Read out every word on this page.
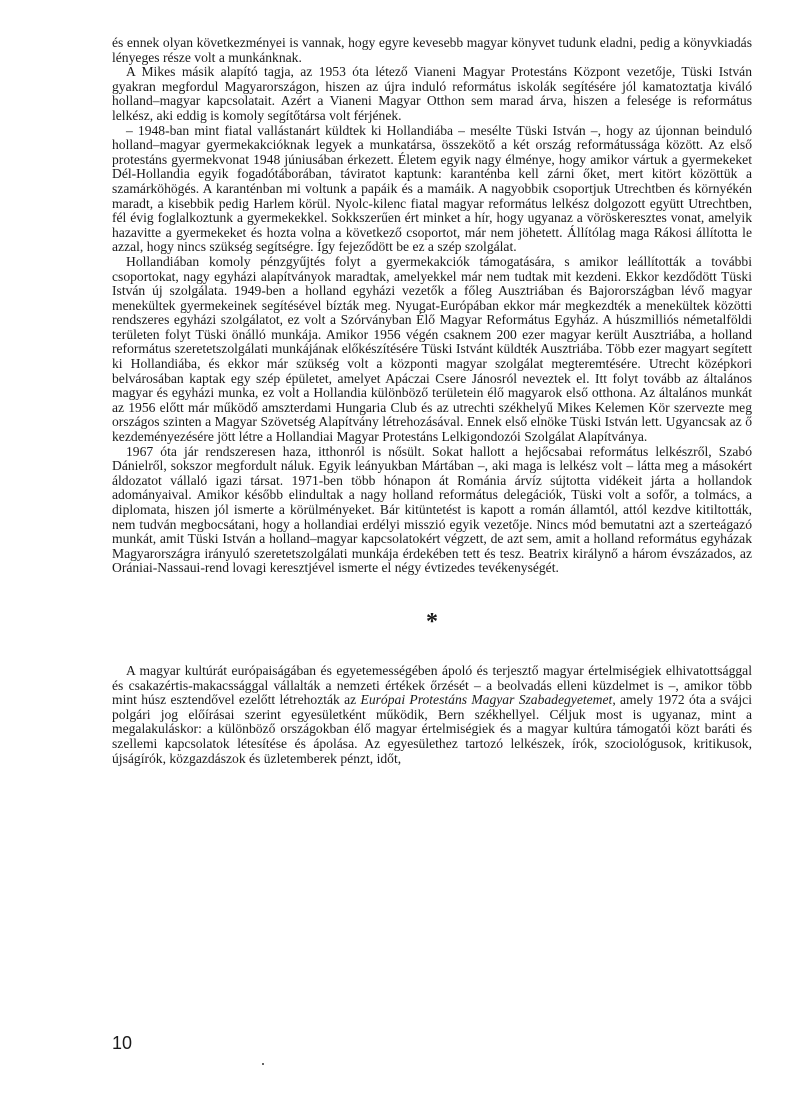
és ennek olyan következményei is vannak, hogy egyre kevesebb magyar könyvet tudunk eladni, pedig a könyvkiadás lényeges része volt a munkánknak.

A Mikes másik alapító tagja, az 1953 óta létező Vianeni Magyar Protestáns Központ vezetője, Tüski István gyakran megfordul Magyarországon, hiszen az újra induló református iskolák segítésére jól kamatoztatja kiváló holland–magyar kapcsolatait. Azért a Vianeni Magyar Otthon sem marad árva, hiszen a felesége is református lelkész, aki eddig is komoly segítőtársa volt férjének.

– 1948-ban mint fiatal vallástanárt küldtek ki Hollandiába – mesélte Tüski István –, hogy az újonnan beinduló holland–magyar gyermekakcióknak legyek a munkatársa, összekötő a két ország reformátussága között. Az első protestáns gyermekvonat 1948 júniusában érkezett. Életem egyik nagy élménye, hogy amikor vártuk a gyermekeket Dél-Hollandia egyik fogadótáborában, táviratot kaptunk: karanténba kell zárni őket, mert kitört közöttük a szamárköhögés. A karanténban mi voltunk a papáik és a mamáik. A nagyobbik csoportjuk Utrechtben és környékén maradt, a kisebbik pedig Harlem körül. Nyolc-kilenc fiatal magyar református lelkész dolgozott együtt Utrechtben, fél évig foglalkoztunk a gyermekekkel. Sokkszerűen ért minket a hír, hogy ugyanaz a vöröskeresztes vonat, amelyik hazavitte a gyermekeket és hozta volna a következő csoportot, már nem jöhetett. Állítólag maga Rákosi állította le azzal, hogy nincs szükség segítségre. Így fejeződött be ez a szép szolgálat.

Hollandiában komoly pénzgyűjtés folyt a gyermekakciók támogatására, s amikor leállították a további csoportokat, nagy egyházi alapítványok maradtak, amelyekkel már nem tudtak mit kezdeni. Ekkor kezdődött Tüski István új szolgálata. 1949-ben a holland egyházi vezetők a főleg Ausztriában és Bajorországban lévő magyar menekültek gyermekeinek segítésével bízták meg. Nyugat-Európában ekkor már megkezdték a menekültek közötti rendszeres egyházi szolgálatot, ez volt a Szórványban Élő Magyar Református Egyház. A húszmilliós németalföldi területen folyt Tüski önálló munkája. Amikor 1956 végén csaknem 200 ezer magyar került Ausztriába, a holland református szeretetszolgálati munkájának előkészítésére Tüski Istvánt küldték Ausztriába. Több ezer magyart segített ki Hollandiába, és ekkor már szükség volt a központi magyar szolgálat megteremtésére. Utrecht középkori belvárosában kaptak egy szép épületet, amelyet Apáczai Csere Jánosról neveztek el. Itt folyt tovább az általános magyar és egyházi munka, ez volt a Hollandia különböző területein élő magyarok első otthona. Az általános munkát az 1956 előtt már működő amszterdami Hungaria Club és az utrechti székhelyű Mikes Kelemen Kör szervezte meg országos szinten a Magyar Szövetség Alapítvány létrehozásával. Ennek első elnöke Tüski István lett. Ugyancsak az ő kezdeményezésére jött létre a Hollandiai Magyar Protestáns Lelkigondozói Szolgálat Alapítványa.

1967 óta jár rendszeresen haza, itthonról is nősült. Sokat hallott a hejőcsabai református lelkészről, Szabó Dánielről, sokszor megfordult náluk. Egyik leányukban Mártában –, aki maga is lelkész volt – látta meg a másokért áldozatot vállaló igazi társat. 1971-ben több hónapon át Románia árvíz sújtotta vidékeit járta a hollandok adományaival. Amikor később elindultak a nagy holland református delegációk, Tüski volt a sofőr, a tolmács, a diplomata, hiszen jól ismerte a körülményeket. Bár kitüntetést is kapott a román államtól, attól kezdve kitiltották, nem tudván megbocsátani, hogy a hollandiai erdélyi misszió egyik vezetője. Nincs mód bemutatni azt a szerteágazó munkát, amit Tüski István a holland–magyar kapcsolatokért végzett, de azt sem, amit a holland református egyházak Magyarországra irányuló szeretetszolgálati munkája érdekében tett és tesz. Beatrix királynő a három évszázados, az Orániai-Nassaui-rend lovagi keresztjével ismerte el négy évtizedes tevékenységét.

*

A magyar kultúrát európaiságában és egyetemességében ápoló és terjesztő magyar értelmiségiek elhivatottsággal és csakazértis-makacssággal vállalták a nemzeti értékek őrzését – a beolvadás elleni küzdelmet is –, amikor több mint húsz esztendővel ezelőtt létrehozták az Európai Protestáns Magyar Szabadegyetemet, amely 1972 óta a svájci polgári jog előírásai szerint egyesületként működik, Bern székhellyel. Céljuk most is ugyanaz, mint a megalakuláskor: a különböző országokban élő magyar értelmiségiek és a magyar kultúra támogatói közt baráti és szellemi kapcsolatok létesítése és ápolása. Az egyesülethez tartozó lelkészek, írók, szociológusok, kritikusok, újságírók, közgazdászok és üzletemberek pénzt, időt,

10
